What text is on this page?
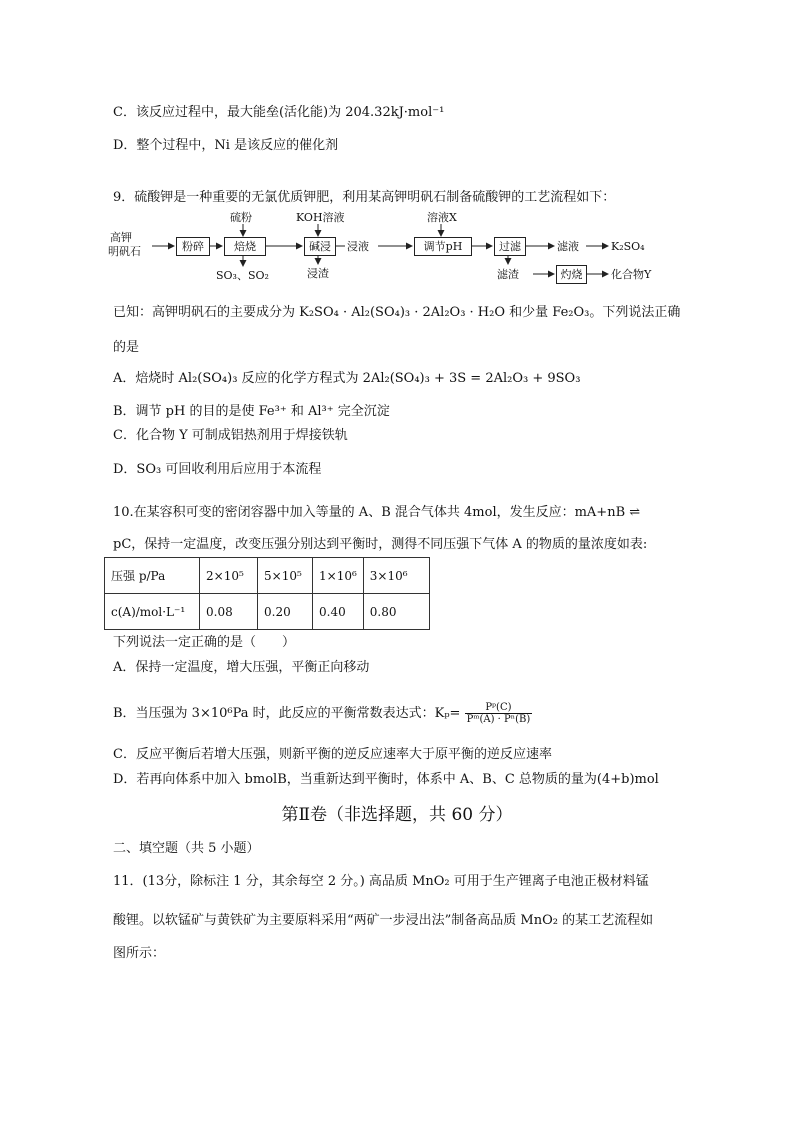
C．该反应过程中，最大能垒(活化能)为 204.32kJ·mol⁻¹
D．整个过程中，Ni 是该反应的催化剂
9．硫酸钾是一种重要的无氯优质钾肥，利用某高钾明矾石制备硫酸钾的工艺流程如下：
高钾
明矾石	粉碎
硫粉
焙烧
SO₃、SO₂
KOH溶液
碱浸
浸渣
浸液
溶液X
调节pH	过滤	滤液	K₂SO₄
滤渣	灼烧	化合物Y
已知：高钾明矾石的主要成分为 K₂SO₄ · Al₂(SO₄)₃ · 2Al₂O₃ · H₂O 和少量 Fe₂O₃。下列说法正确
的是
A．焙烧时 Al₂(SO₄)₃ 反应的化学方程式为 2Al₂(SO₄)₃ + 3S = 2Al₂O₃ + 9SO₃
B．调节 pH 的目的是使 Fe³⁺ 和 Al³⁺ 完全沉淀
C．化合物 Y 可制成铝热剂用于焊接铁轨
D．SO₃ 可回收利用后应用于本流程
10.在某容积可变的密闭容器中加入等量的 A、B 混合气体共 4mol，发生反应：mA+nB ⇌
pC，保持一定温度，改变压强分别达到平衡时，测得不同压强下气体 A 的物质的量浓度如表:
压强 p/Pa	2×10⁵	5×10⁵	1×10⁶	3×10⁶
c(A)/mol·L⁻¹	0.08	0.20	0.40	0.80
下列说法一定正确的是（　　）
A．保持一定温度，增大压强，平衡正向移动
B．当压强为 3×10⁶Pa 时，此反应的平衡常数表达式：$K_p= \frac{\text{Pᵖ(C)}}{\text{Pᵐ(A) · Pⁿ(B)}}$
C．反应平衡后若增大压强，则新平衡的逆反应速率大于原平衡的逆反应速率
D．若再向体系中加入 bmolB，当重新达到平衡时，体系中 A、B、C 总物质的量为(4+b)mol
第Ⅱ卷（非选择题，共 60 分）
二、填空题（共 5 小题）
11．(13分，除标注 1 分，其余每空 2 分。) 高品质 MnO₂ 可用于生产锂离子电池正极材料锰
酸锂。以软锰矿与黄铁矿为主要原料采用“两矿一步浸出法”制备高品质 MnO₂ 的某工艺流程如
图所示：
